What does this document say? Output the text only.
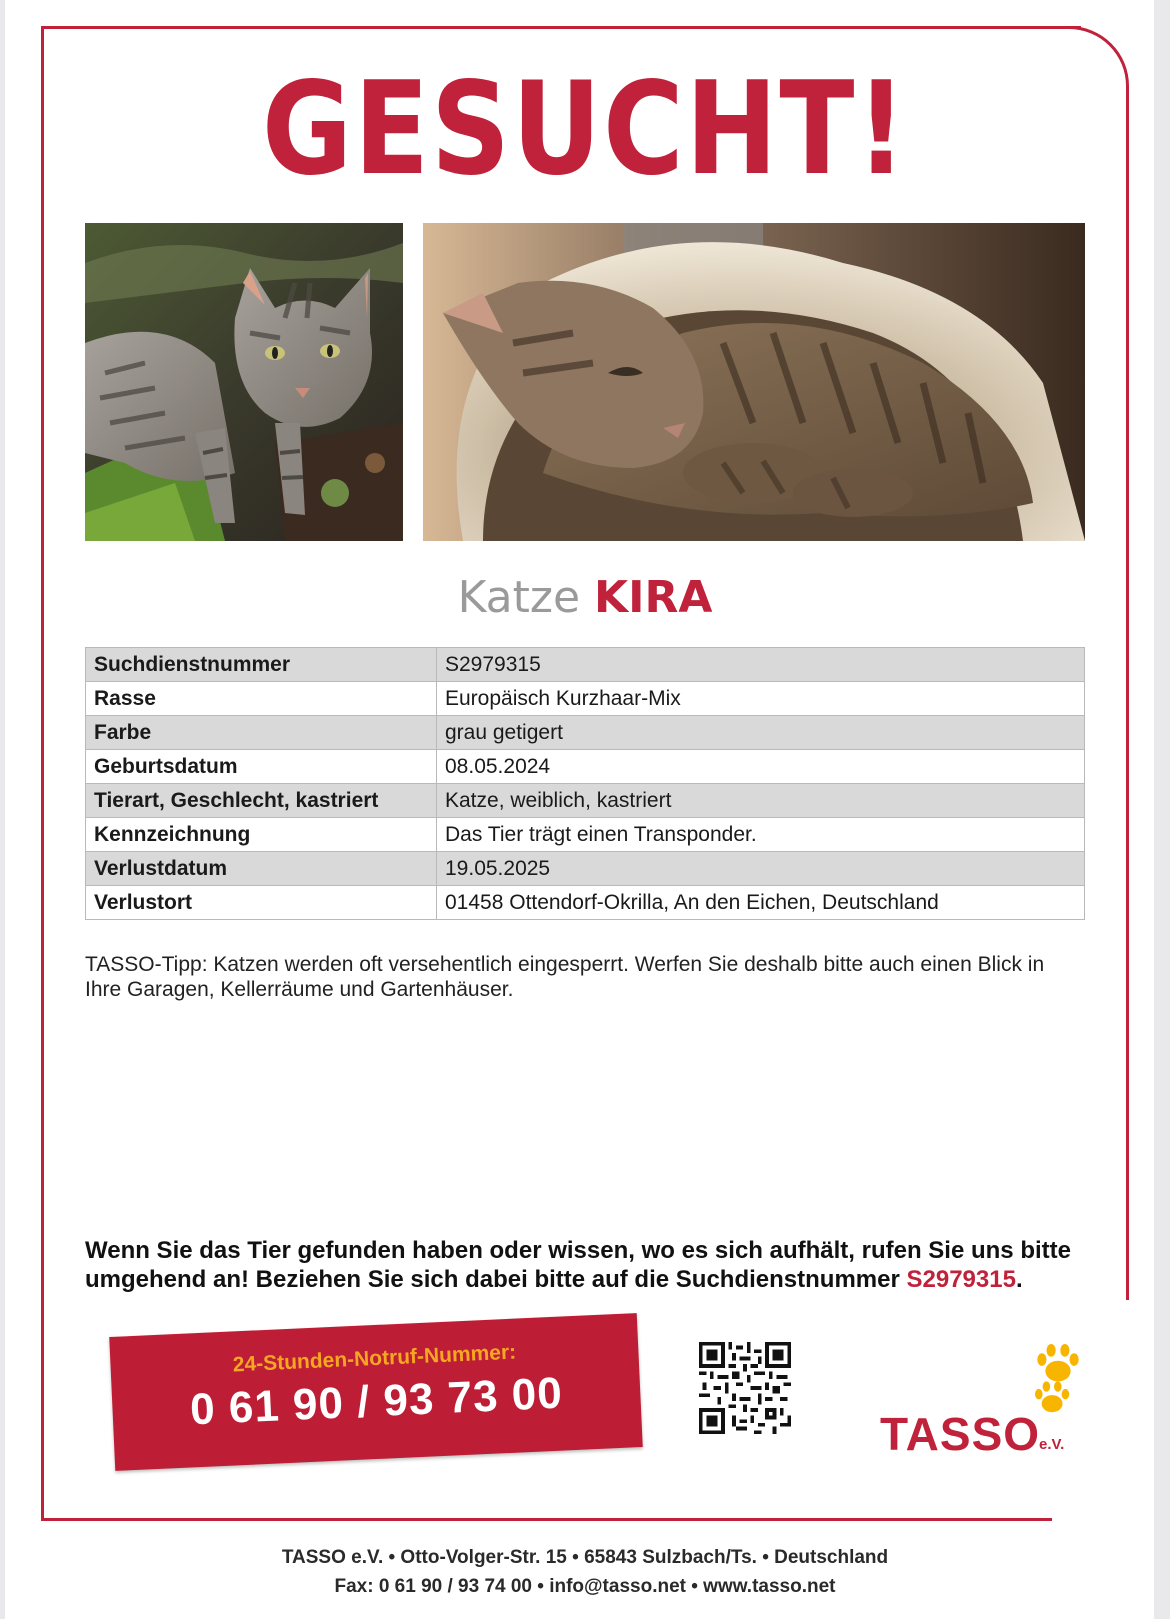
GESUCHT!
Katze KIRA
Suchdienstnummer	S2979315
Rasse	Europäisch Kurzhaar-Mix
Farbe	grau getigert
Geburtsdatum	08.05.2024
Tierart, Geschlecht, kastriert	Katze, weiblich, kastriert
Kennzeichnung	Das Tier trägt einen Transponder.
Verlustdatum	19.05.2025
Verlustort	01458 Ottendorf-Okrilla, An den Eichen, Deutschland
TASSO-Tipp: Katzen werden oft versehentlich eingesperrt. Werfen Sie deshalb bitte auch einen Blick in Ihre Garagen, Kellerräume und Gartenhäuser.
Wenn Sie das Tier gefunden haben oder wissen, wo es sich aufhält, rufen Sie uns bitte umgehend an! Beziehen Sie sich dabei bitte auf die Suchdienstnummer S2979315.
24-Stunden-Notruf-Nummer:
0 61 90 / 93 73 00	TASSO
e.V.
TASSO e.V. • Otto-Volger-Str. 15 • 65843 Sulzbach/Ts. • Deutschland
Fax: 0 61 90 / 93 74 00 • info@tasso.net • www.tasso.net
